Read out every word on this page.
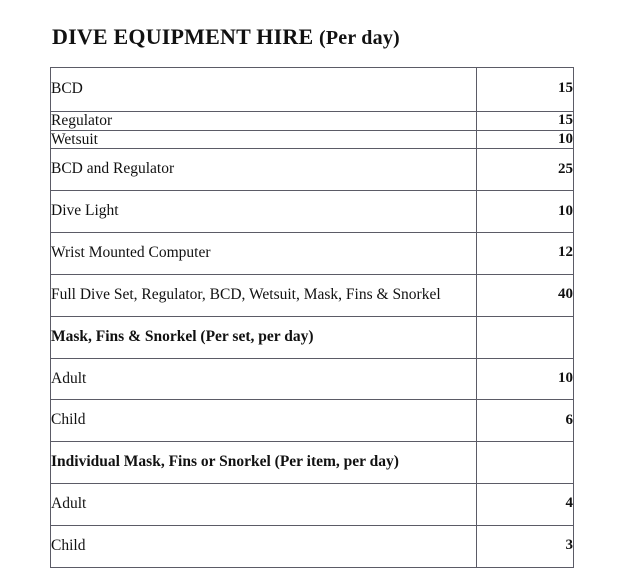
DIVE EQUIPMENT HIRE (Per day)
BCD	15
Regulator	15
Wetsuit	10
BCD and Regulator	25
Dive Light	10
Wrist Mounted Computer	12
Full Dive Set, Regulator, BCD, Wetsuit, Mask, Fins & Snorkel	40
Mask, Fins & Snorkel (Per set, per day)	
Adult	10
Child	6
Individual Mask, Fins or Snorkel (Per item, per day)	
Adult	4
Child	3
